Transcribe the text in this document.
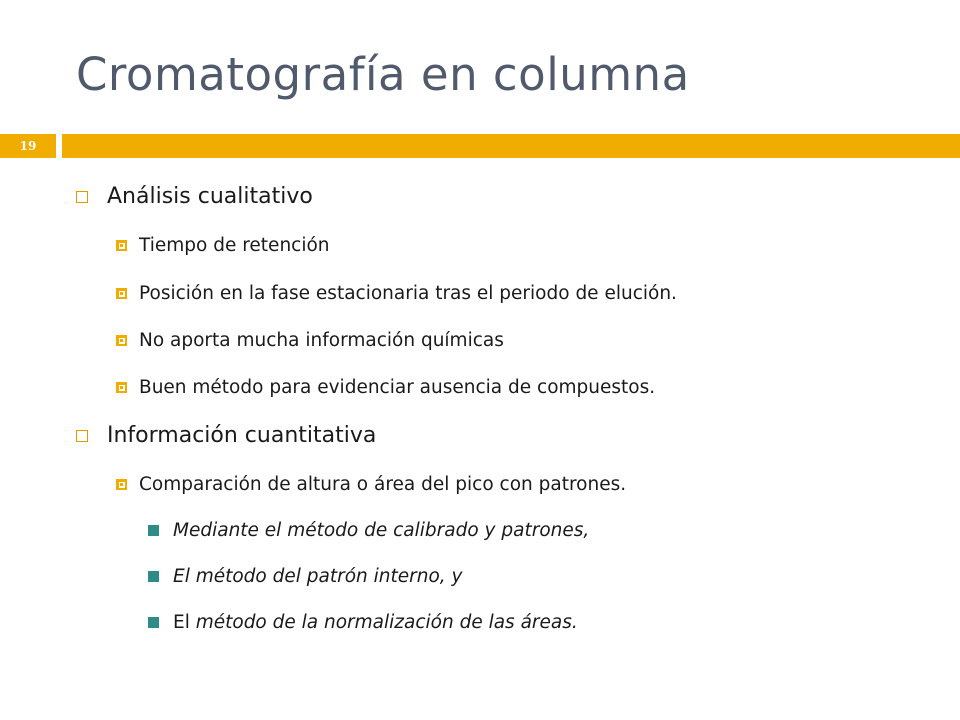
Cromatografía en columna
19
Análisis cualitativo
Tiempo de retención
Posición en la fase estacionaria tras el periodo de elución.
No aporta mucha información químicas
Buen método para evidenciar ausencia de compuestos.
Información cuantitativa
Comparación de altura o área del pico con patrones.
Mediante el método de calibrado y patrones,
El método del patrón interno, y
El método de la normalización de las áreas.
